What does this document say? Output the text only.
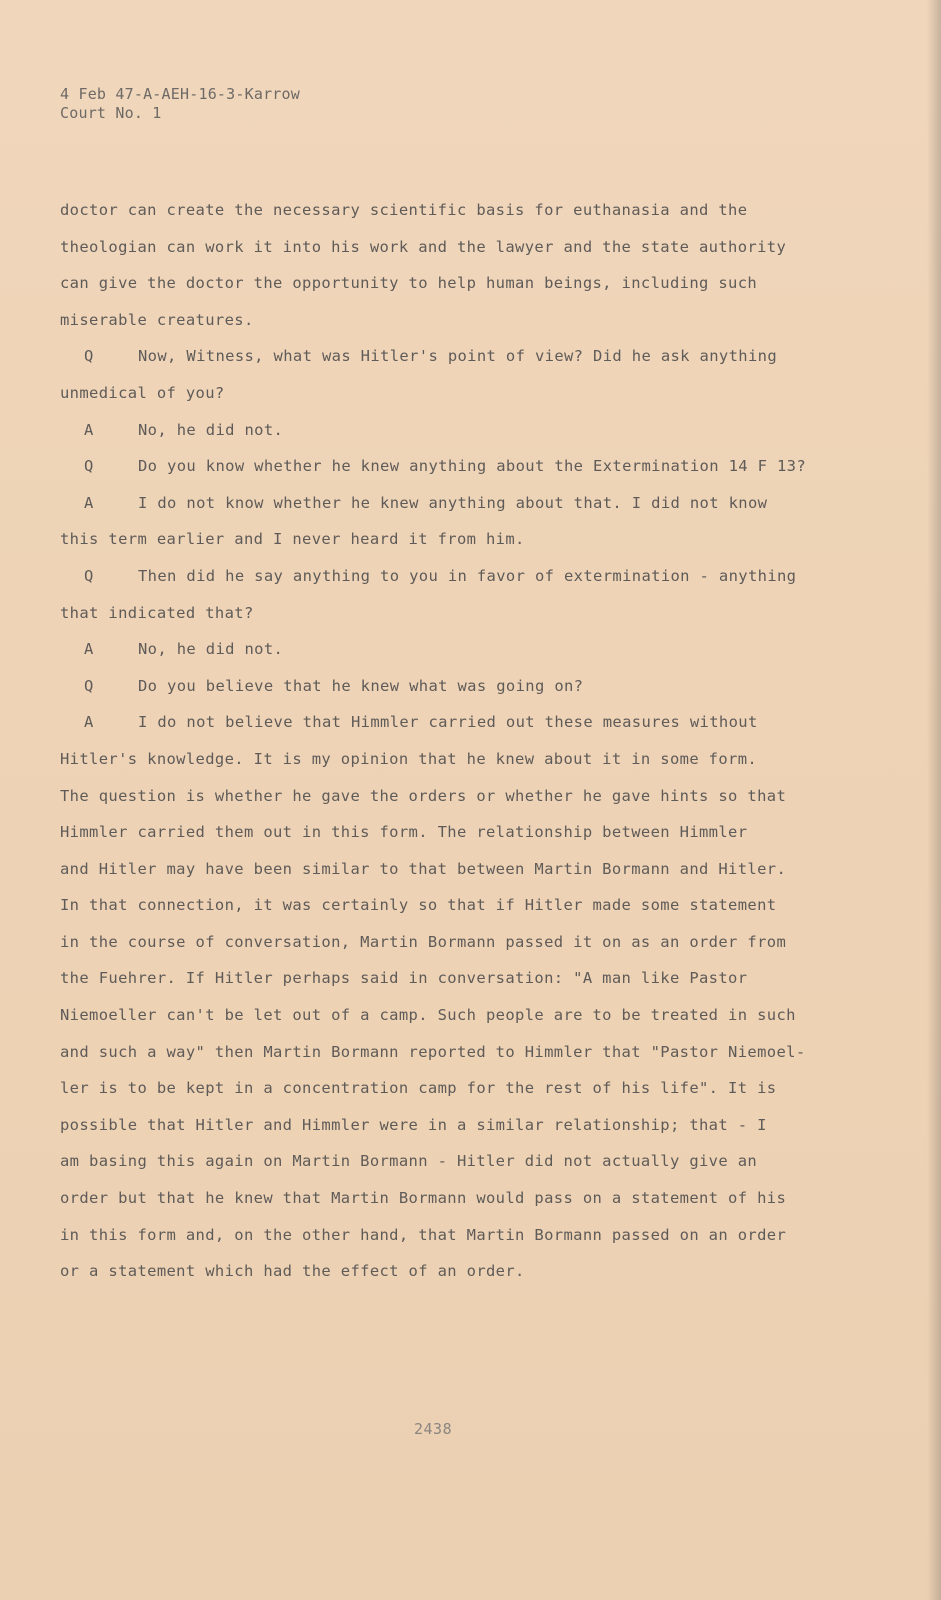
4 Feb 47-A-AEH-16-3-Karrow
Court No. 1
doctor can create the necessary scientific basis for euthanasia and the
theologian can work it into his work and the lawyer and the state authority
can give the doctor the opportunity to help human beings, including such
miserable creatures.
Q	Now, Witness, what was Hitler's point of view? Did he ask anything
unmedical of you?
A	No, he did not.
Q	Do you know whether he knew anything about the Extermination 14 F 13?
A	I do not know whether he knew anything about that. I did not know
this term earlier and I never heard it from him.
Q	Then did he say anything to you in favor of extermination - anything
that indicated that?
A	No, he did not.
Q	Do you believe that he knew what was going on?
A	I do not believe that Himmler carried out these measures without
Hitler's knowledge. It is my opinion that he knew about it in some form.
The question is whether he gave the orders or whether he gave hints so that
Himmler carried them out in this form. The relationship between Himmler
and Hitler may have been similar to that between Martin Bormann and Hitler.
In that connection, it was certainly so that if Hitler made some statement
in the course of conversation, Martin Bormann passed it on as an order from
the Fuehrer. If Hitler perhaps said in conversation: "A man like Pastor
Niemoeller can't be let out of a camp. Such people are to be treated in such
and such a way" then Martin Bormann reported to Himmler that "Pastor Niemoel-
ler is to be kept in a concentration camp for the rest of his life". It is
possible that Hitler and Himmler were in a similar relationship; that - I
am basing this again on Martin Bormann - Hitler did not actually give an
order but that he knew that Martin Bormann would pass on a statement of his
in this form and, on the other hand, that Martin Bormann passed on an order
or a statement which had the effect of an order.
2438
